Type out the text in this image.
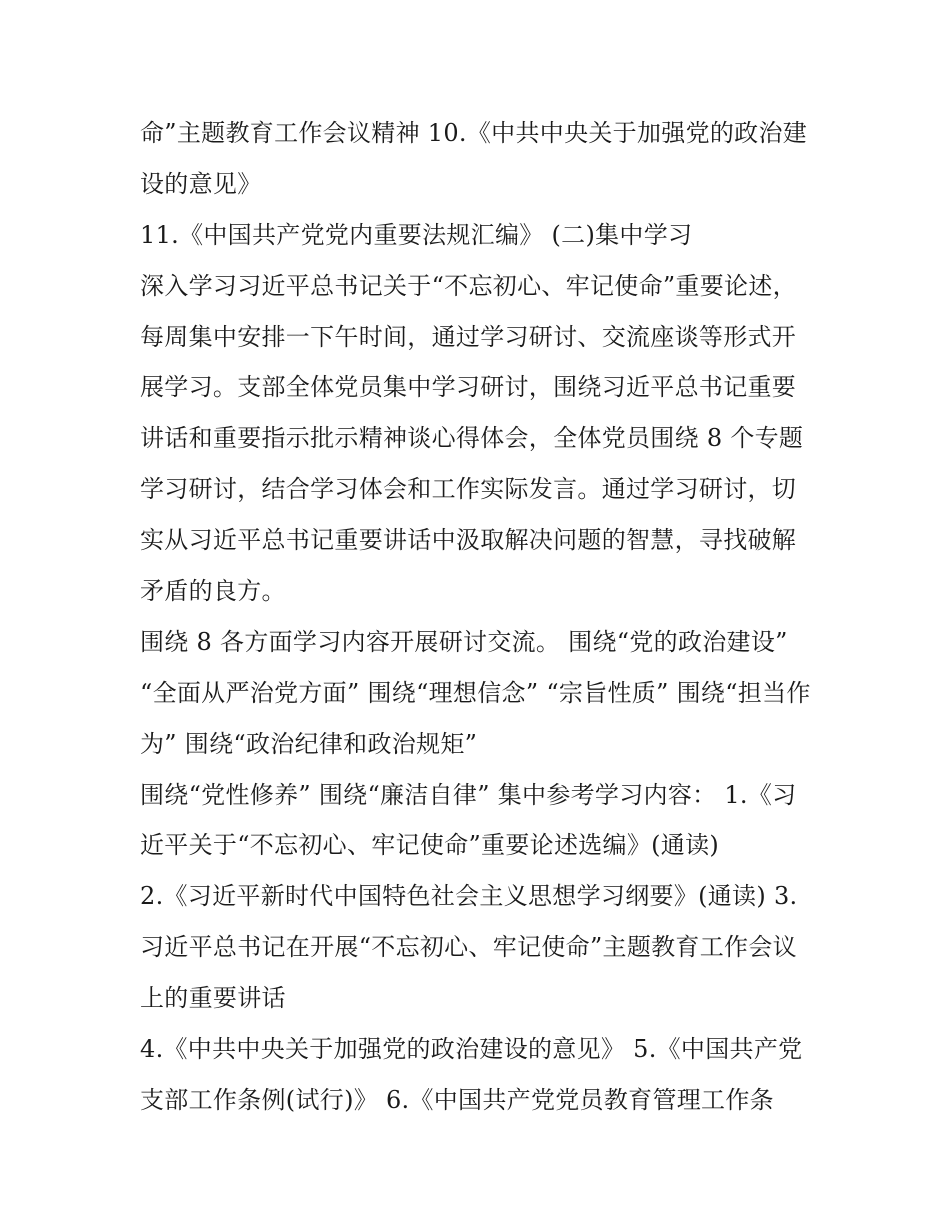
命”主题教育工作会议精神 10.《中共中央关于加强党的政治建
设的意见》
11.《中国共产党党内重要法规汇编》 (二)集中学习
深入学习习近平总书记关于“不忘初心、牢记使命”重要论述，
每周集中安排一下午时间，通过学习研讨、交流座谈等形式开
展学习。支部全体党员集中学习研讨，围绕习近平总书记重要
讲话和重要指示批示精神谈心得体会，全体党员围绕 8 个专题
学习研讨，结合学习体会和工作实际发言。通过学习研讨，切
实从习近平总书记重要讲话中汲取解决问题的智慧，寻找破解
矛盾的良方。
围绕 8 各方面学习内容开展研讨交流。 围绕“党的政治建设”
“全面从严治党方面” 围绕“理想信念” “宗旨性质” 围绕“担当作
为” 围绕“政治纪律和政治规矩”
围绕“党性修养” 围绕“廉洁自律” 集中参考学习内容： 1.《习
近平关于“不忘初心、牢记使命”重要论述选编》(通读)
2.《习近平新时代中国特色社会主义思想学习纲要》(通读) 3.
习近平总书记在开展“不忘初心、牢记使命”主题教育工作会议
上的重要讲话
4.《中共中央关于加强党的政治建设的意见》 5.《中国共产党
支部工作条例(试行)》 6.《中国共产党党员教育管理工作条
